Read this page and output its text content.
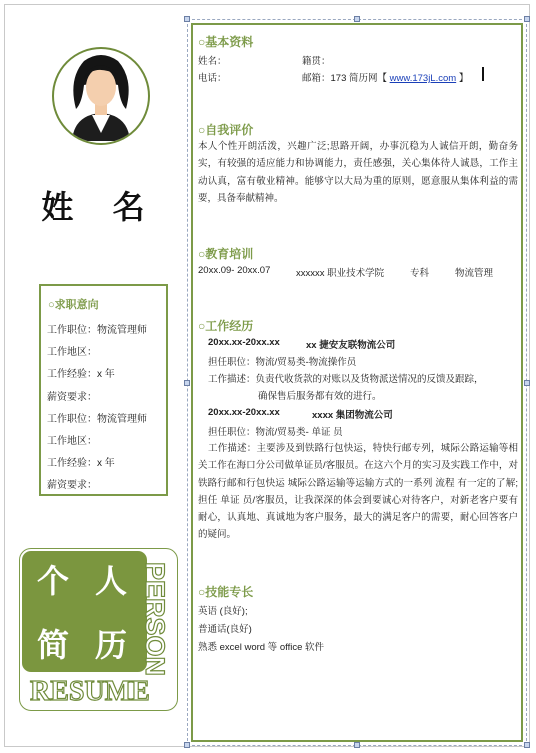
姓 名
○求职意向
工作职位：物流管理师
工作地区：
工作经验：x 年
薪资要求：
工作职位：物流管理师
工作地区：
工作经验：x 年
薪资要求：
个 人
简 历 PERSON
RESUME
○基本资料
姓名：	籍贯：
电话：	邮箱：173 简历网【 www.173jL.com 】
○自我评价
本人个性开朗活泼，兴趣广泛;思路开阔，办事沉稳为人诚信开朗，勤奋务实，有较强的适应能力和协调能力，责任感强，关心集体待人诚恳，工作主动认真，富有敬业精神。能够守以大局为重的原则，愿意服从集体利益的需要，具备奉献精神。
○教育培训
20xx.09- 20xx.07	xxxxxx 职业技术学院	专科	物流管理
○工作经历
20xx.xx-20xx.xx	xx 捷安友联物流公司
担任职位：物流/贸易类-物流操作员
工作描述：负责代收货款的对账以及货物派送情况的反馈及跟踪，
确保售后服务都有效的进行。
20xx.xx-20xx.xx	xxxx 集团物流公司
担任职位：物流/贸易类- 单证 员
工作描述：主要涉及到铁路行包快运，特快行邮专列，城际公路运输等相关工作在海口分公司做单证员/客服员。在这六个月的实习及实践工作中，对铁路行邮和行包快运 城际公路运输等运输方式的一系列 流程 有一定的了解;担任 单证 员/客服员，让我深深的体会到要诚心对待客户，对新老客户要有耐心，认真地、真诚地为客户服务，最大的满足客户的需要，耐心回答客户的疑问。
○技能专长
英语 (良好);
普通话(良好)
熟悉 excel word 等 office 软件
